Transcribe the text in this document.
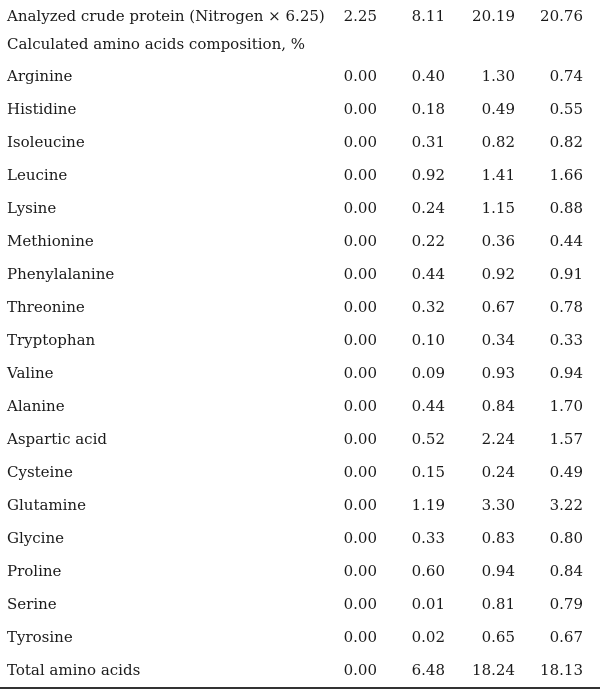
Analyzed crude protein (Nitrogen × 6.25)	2.25	8.11	20.19	20.76
Calculated amino acids composition, %
Arginine	0.00	0.40	1.30	0.74
Histidine	0.00	0.18	0.49	0.55
Isoleucine	0.00	0.31	0.82	0.82
Leucine	0.00	0.92	1.41	1.66
Lysine	0.00	0.24	1.15	0.88
Methionine	0.00	0.22	0.36	0.44
Phenylalanine	0.00	0.44	0.92	0.91
Threonine	0.00	0.32	0.67	0.78
Tryptophan	0.00	0.10	0.34	0.33
Valine	0.00	0.09	0.93	0.94
Alanine	0.00	0.44	0.84	1.70
Aspartic acid	0.00	0.52	2.24	1.57
Cysteine	0.00	0.15	0.24	0.49
Glutamine	0.00	1.19	3.30	3.22
Glycine	0.00	0.33	0.83	0.80
Proline	0.00	0.60	0.94	0.84
Serine	0.00	0.01	0.81	0.79
Tyrosine	0.00	0.02	0.65	0.67
Total amino acids	0.00	6.48	18.24	18.13
